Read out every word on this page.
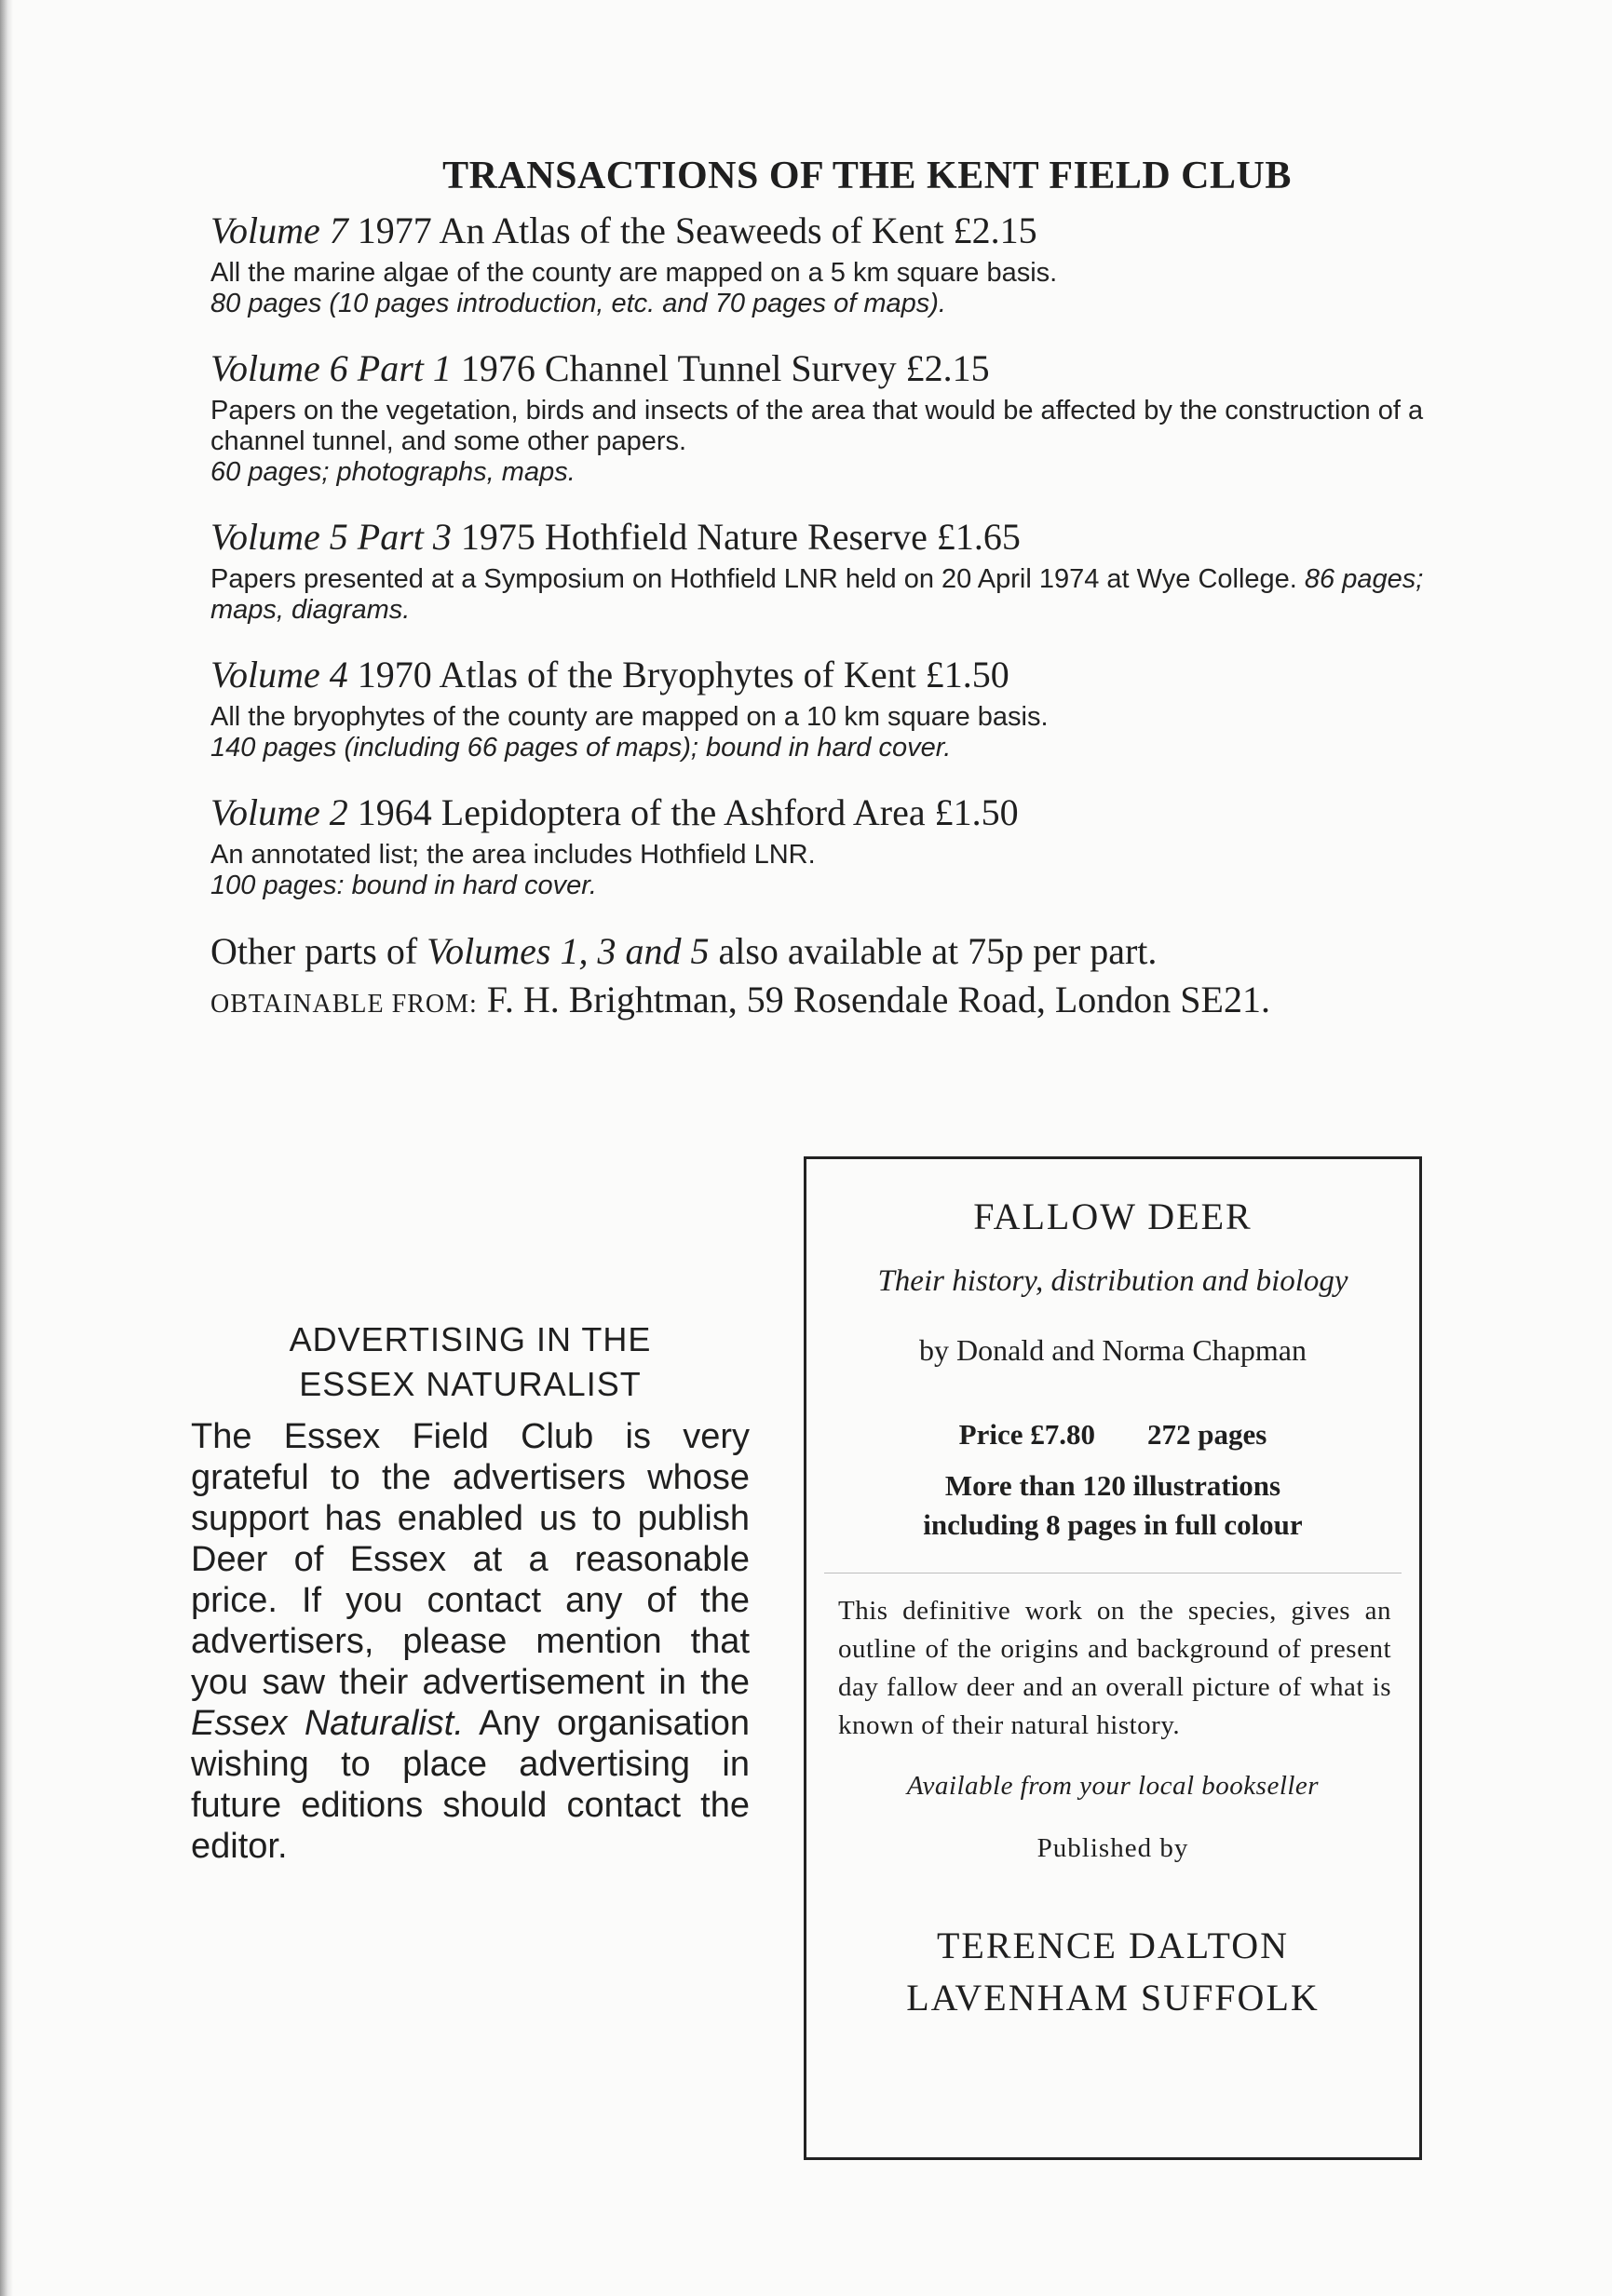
TRANSACTIONS OF THE KENT FIELD CLUB
Volume 7 1977 An Atlas of the Seaweeds of Kent £2.15
All the marine algae of the county are mapped on a 5 km square basis.
80 pages (10 pages introduction, etc. and 70 pages of maps).
Volume 6 Part 1 1976 Channel Tunnel Survey £2.15
Papers on the vegetation, birds and insects of the area that would be affected by the construction of a channel tunnel, and some other papers.
60 pages; photographs, maps.
Volume 5 Part 3 1975 Hothfield Nature Reserve £1.65
Papers presented at a Symposium on Hothfield LNR held on 20 April 1974 at Wye College. 86 pages; maps, diagrams.
Volume 4 1970 Atlas of the Bryophytes of Kent £1.50
All the bryophytes of the county are mapped on a 10 km square basis.
140 pages (including 66 pages of maps); bound in hard cover.
Volume 2 1964 Lepidoptera of the Ashford Area £1.50
An annotated list; the area includes Hothfield LNR.
100 pages: bound in hard cover.
Other parts of Volumes 1, 3 and 5 also available at 75p per part.
OBTAINABLE FROM: F. H. Brightman, 59 Rosendale Road, London SE21.
ADVERTISING IN THE
ESSEX NATURALIST

The Essex Field Club is very grateful to the advertisers whose support has enabled us to publish Deer of Essex at a reasonable price. If you contact any of the advertisers, please mention that you saw their advertisement in the Essex Naturalist. Any organisation wishing to place advertising in future editions should contact the editor.

FALLOW DEER
Their history, distribution and biology
by Donald and Norma Chapman
Price £7.80 272 pages
More than 120 illustrations
including 8 pages in full colour
This definitive work on the species, gives an outline of the origins and background of present day fallow deer and an overall picture of what is known of their natural history.
Available from your local bookseller
Published by
TERENCE DALTON
LAVENHAM SUFFOLK
